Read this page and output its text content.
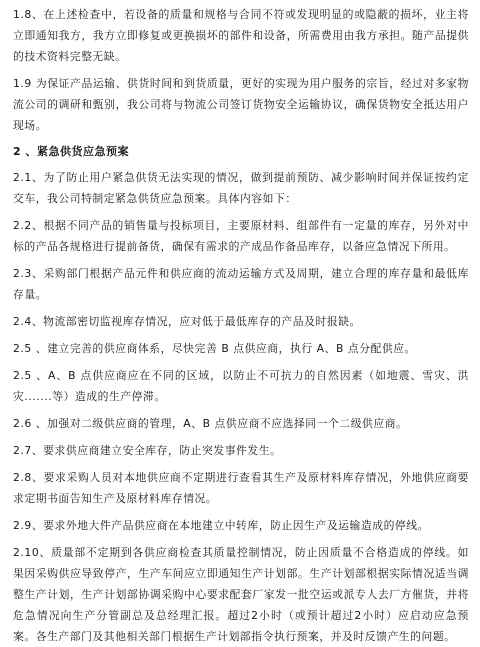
1.8、在上述检查中，若设备的质量和规格与合同不符或发现明显的或隐蔽的损坏，业主将立即通知我方，我方立即修复或更换损坏的部件和设备，所需费用由我方承担。随产品提供的技术资料完整无缺。

1.9 为保证产品运输、供货时间和到货质量，更好的实现为用户服务的宗旨，经过对多家物流公司的调研和甄别，我公司将与物流公司签订货物安全运输协议，确保货物安全抵达用户现场。

2 、紧急供货应急预案

2.1、为了防止用户紧急供货无法实现的情况，做到提前预防、减少影响时间并保证按约定交车，我公司特制定紧急供货应急预案。具体内容如下：

2.2、根据不同产品的销售量与投标项目，主要原材料、组部件有一定量的库存，另外对中标的产品各规格进行提前备货，确保有需求的产成品作备品库存，以备应急情况下所用。

2.3、采购部门根据产品元件和供应商的流动运输方式及周期，建立合理的库存量和最低库存量。

2.4、物流部密切监视库存情况，应对低于最低库存的产品及时报缺。

2.5 、建立完善的供应商体系，尽快完善 B 点供应商，执行 A、B 点分配供应。

2.5 、A、B 点供应商应在不同的区域，以防止不可抗力的自然因素（如地震、雪灾、洪灾.......等）造成的生产停滞。

2.6 、加强对二级供应商的管理，A、B 点供应商不应选择同一个二级供应商。

2.7、要求供应商建立安全库存，防止突发事件发生。

2.8、要求采购人员对本地供应商不定期进行查看其生产及原材料库存情况，外地供应商要求定期书面告知生产及原材料库存情况。

2.9、要求外地大件产品供应商在本地建立中转库，防止因生产及运输造成的停线。

2.10、质量部不定期到各供应商检查其质量控制情况，防止因质量不合格造成的停线。如果因采购供应导致停产，生产车间应立即通知生产计划部。生产计划部根据实际情况适当调整生产计划，生产计划部协调采购中心要求配套厂家发一批空运或派专人去厂方催货，并将危急情况向生产分管副总及总经理汇报。超过2小时（或预计超过2小时）应启动应急预案。各生产部门及其他相关部门根据生产计划部指令执行预案，并及时反馈产生的问题。
